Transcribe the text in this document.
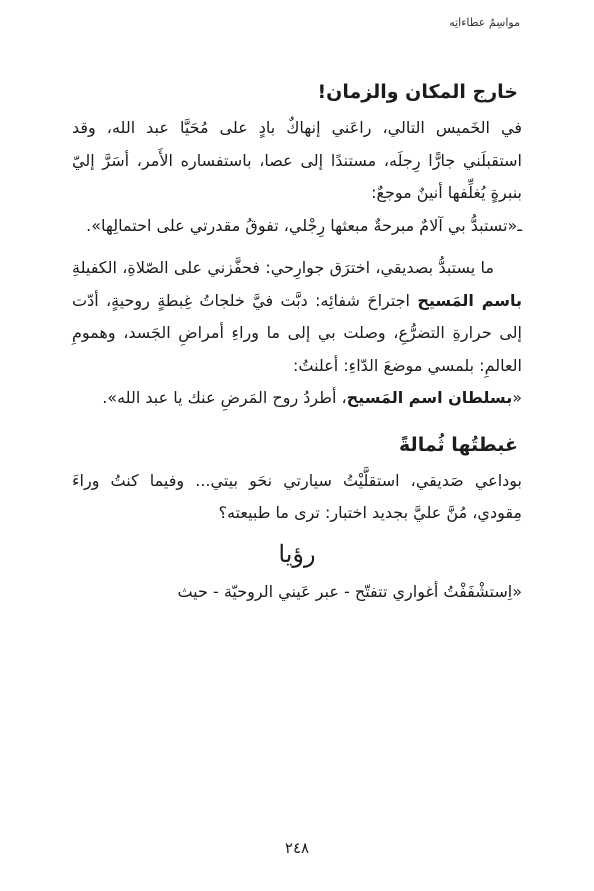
مواسِمُ عطاءاتِه
خارج المكان والزمان!

في الخَميس التالي، راعَني إنهاكٌ بادٍ على مُحَيَّا عبد الله، وقد استقبلَني جارًّا رِجلَه، مستندًا إلى عصا، باستفساره الأَمر، أسَرَّ إليّ بنبرةٍ يُغلِّفها أنينٌ موجعٌ:

ـ«تستبدُّ بي آلامٌ مبرحةٌ مبعثها رِجْلي، تفوقُ مقدرتي على احتمالِها».

ما يستبدُّ بصديقي، اخترَق جوارِحي: فحفَّزني على الصّلاةِ، الكفيلةِ باسم المَسيح اجتراحَ شفائِه: دبَّت فيَّ خلجاتُ غِبطةٍ روحيةٍ، أدّت إلى حرارةِ التضرُّعِ، وصلت بي إلى ما وراءِ أمراضِ الجَسد، وهمومِ العالمِ: بلمسي موضعَ الدّاءِ: أعلنتُ:

«بسلطان اسم المَسيح، أطردُ روح المَرضِ عنك يا عبد الله».

غبطتُها ثُمالةً

بوداعي صَديقي، استقلَّيْتُ سيارتي نحَو بيتي... وفيما كنتُ وراءَ مِقودي، مُنَّ عليَّ بجديد اختبار: ترى ما طبيعته؟

رؤيا

«اِستشْفَفْتُ أغواري تتفتّح - عبر عَيني الروحيّة - حيث

٢٤٨
